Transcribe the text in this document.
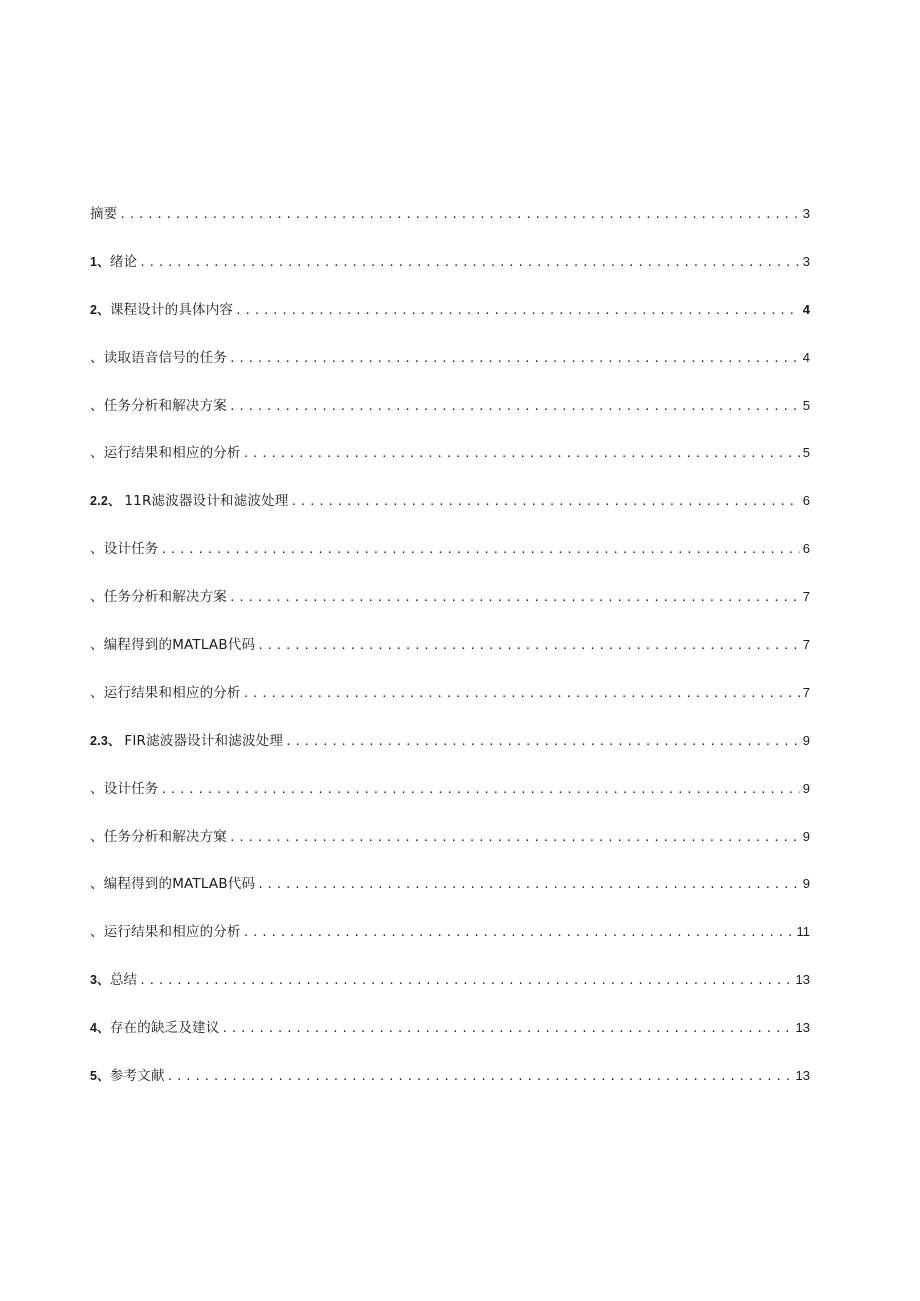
摘要 .....	3
1、绪论 .....	3
2、课程设计的具体内容 .....	4
、读取语音信号的任务 .....	4
、任务分析和解决方案 .....	5
、运行结果和相应的分析 .....	5
2.2、 11R滤波器设计和滤波处理 .....	6
、设计任务 .....	6
、任务分析和解决方案 .....	7
、编程得到的MATLAB代码 .....	7
、运行结果和相应的分析 .....	7
2.3、 FIR滤波器设计和滤波处理 .....	9
、设计任务 .....	9
、任务分析和解决方窠 .....	9
、编程得到的MATLAB代码 .....	9
、运行结果和相应的分析 .....	11
3、总结 .....	13
4、存在的缺乏及建议 .....	13
5、参考文献 .....	13
